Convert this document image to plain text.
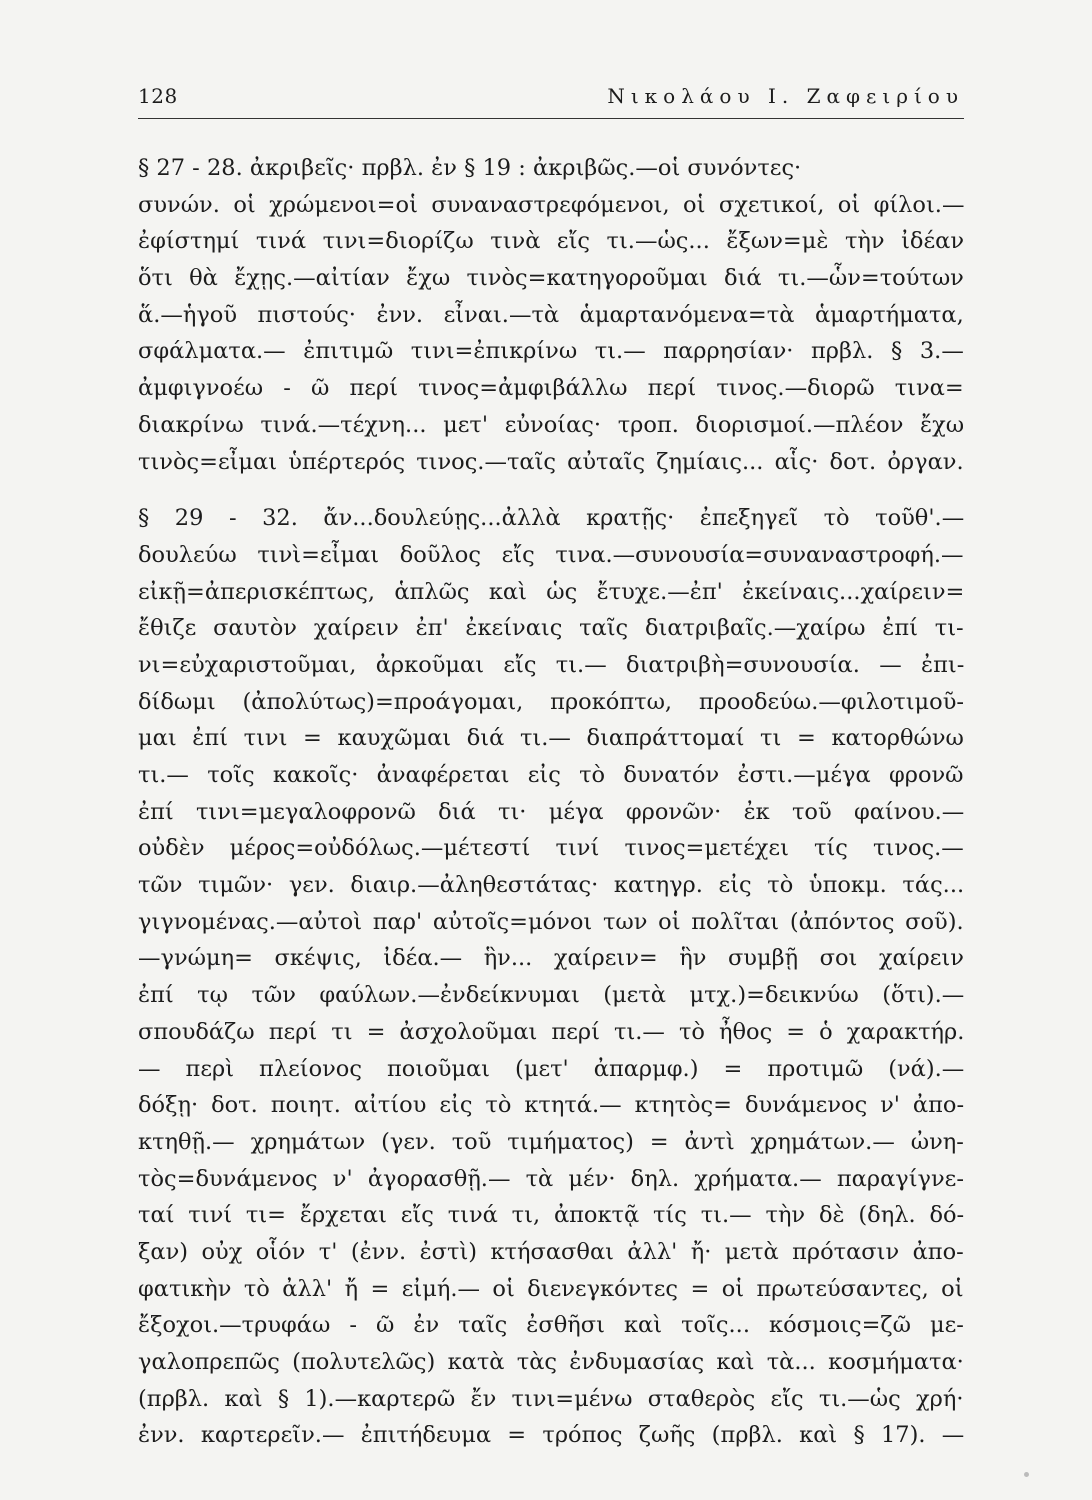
128	Νικολάου Ι. Ζαφειρίου
§ 27 - 28. ἀκριβεῖς· πρβλ. ἐν § 19 : ἀκριβῶς.—οἱ συνόντες·
συνών. οἱ χρώμενοι=οἱ συναναστρεφόμενοι, οἱ σχετικοί, οἱ φίλοι.—
ἐφίστημί τινά τινι=διορίζω τινὰ εἴς τι.—ὡς... ἔξων=μὲ τὴν ἰδέαν
ὅτι θὰ ἔχῃς.—αἰτίαν ἔχω τινὸς=κατηγοροῦμαι διά τι.—ὧν=τούτων
ἅ.—ἡγοῦ πιστούς· ἐνν. εἶναι.—τὰ ἁμαρτανόμενα=τὰ ἁμαρτήματα,
σφάλματα.— ἐπιτιμῶ τινι=ἐπικρίνω τι.— παρρησίαν· πρβλ. § 3.—
ἀμφιγνοέω - ῶ περί τινος=ἀμφιβάλλω περί τινος.—διορῶ τινα=
διακρίνω τινά.—τέχνη... μετ' εὐνοίας· τροπ. διορισμοί.—πλέον ἔχω
τινὸς=εἶμαι ὑπέρτερός τινος.—ταῖς αὐταῖς ζημίαις... αἷς· δοτ. ὀργαν.
§ 29 - 32. ἄν...δουλεύῃς...ἀλλὰ κρατῇς· ἐπεξηγεῖ τὸ τοῦθ'.—
δουλεύω τινὶ=εἶμαι δοῦλος εἴς τινα.—συνουσία=συναναστροφή.—
εἰκῇ=ἀπερισκέπτως, ἁπλῶς καὶ ὡς ἔτυχε.—ἐπ' ἐκείναις...χαίρειν=
ἔθιζε σαυτὸν χαίρειν ἐπ' ἐκείναις ταῖς διατριβαῖς.—χαίρω ἐπί τι-
νι=εὐχαριστοῦμαι, ἀρκοῦμαι εἴς τι.— διατριβὴ=συνουσία. — ἐπι-
δίδωμι (ἀπολύτως)=προάγομαι, προκόπτω, προοδεύω.—φιλοτιμοῦ-
μαι ἐπί τινι = καυχῶμαι διά τι.— διαπράττομαί τι = κατορθώνω
τι.— τοῖς κακοῖς· ἀναφέρεται εἰς τὸ δυνατόν ἐστι.—μέγα φρονῶ
ἐπί τινι=μεγαλοφρονῶ διά τι· μέγα φρονῶν· ἐκ τοῦ φαίνου.—
οὐδὲν μέρος=οὐδόλως.—μέτεστί τινί τινος=μετέχει τίς τινος.—
τῶν τιμῶν· γεν. διαιρ.—ἀληθεστάτας· κατηγρ. εἰς τὸ ὑποκμ. τάς...
γιγνομένας.—αὐτοὶ παρ' αὐτοῖς=μόνοι των οἱ πολῖται (ἀπόντος σοῦ).
—γνώμη= σκέψις, ἰδέα.— ἣν... χαίρειν= ἣν συμβῇ σοι χαίρειν
ἐπί τῳ τῶν φαύλων.—ἐνδείκνυμαι (μετὰ μτχ.)=δεικνύω (ὅτι).—
σπουδάζω περί τι = ἀσχολοῦμαι περί τι.— τὸ ἦθος = ὁ χαρακτήρ.
— περὶ πλείονος ποιοῦμαι (μετ' ἀπαρμφ.) = προτιμῶ (νά).—
δόξῃ· δοτ. ποιητ. αἰτίου εἰς τὸ κτητά.— κτητὸς= δυνάμενος ν' ἀπο-
κτηθῇ.— χρημάτων (γεν. τοῦ τιμήματος) = ἀντὶ χρημάτων.— ὠνη-
τὸς=δυνάμενος ν' ἀγορασθῇ.— τὰ μέν· δηλ. χρήματα.— παραγίγνε-
ταί τινί τι= ἔρχεται εἴς τινά τι, ἀποκτᾷ τίς τι.— τὴν δὲ (δηλ. δό-
ξαν) οὐχ οἷόν τ' (ἐνν. ἐστὶ) κτήσασθαι ἀλλ' ἤ· μετὰ πρότασιν ἀπο-
φατικὴν τὸ ἀλλ' ἤ = εἰμή.— οἱ διενεγκόντες = οἱ πρωτεύσαντες, οἱ
ἔξοχοι.—τρυφάω - ῶ ἐν ταῖς ἐσθῆσι καὶ τοῖς... κόσμοις=ζῶ με-
γαλοπρεπῶς (πολυτελῶς) κατὰ τὰς ἐνδυμασίας καὶ τὰ... κοσμήματα·
(πρβλ. καὶ § 1).—καρτερῶ ἔν τινι=μένω σταθερὸς εἴς τι.—ὡς χρή·
ἐνν. καρτερεῖν.— ἐπιτήδευμα = τρόπος ζωῆς (πρβλ. καὶ § 17). —
